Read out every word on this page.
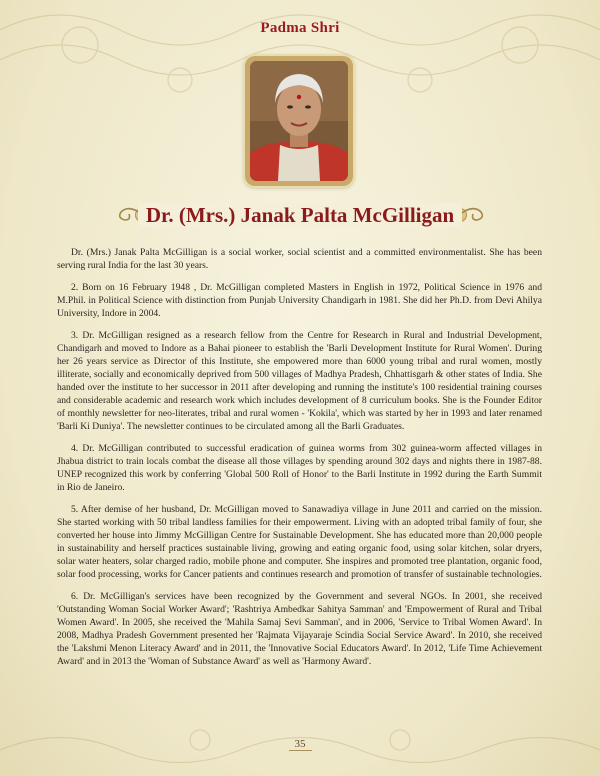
Padma Shri
Dr. (Mrs.) Janak Palta McGilligan

Dr. (Mrs.) Janak Palta McGilligan is a social worker, social scientist and a committed environmentalist. She has been serving rural India for the last 30 years.

2. Born on 16 February 1948 , Dr. McGilligan completed Masters in English in 1972, Political Science in 1976 and M.Phil. in Political Science with distinction from Punjab University Chandigarh in 1981. She did her Ph.D. from Devi Ahilya University, Indore in 2004.

3. Dr. McGilligan resigned as a research fellow from the Centre for Research in Rural and Industrial Development, Chandigarh and moved to Indore as a Bahai pioneer to establish the 'Barli Development Institute for Rural Women'. During her 26 years service as Director of this Institute, she empowered more than 6000 young tribal and rural women, mostly illiterate, socially and economically deprived from 500 villages of Madhya Pradesh, Chhattisgarh & other states of India. She handed over the institute to her successor in 2011 after developing and running the institute's 100 residential training courses and considerable academic and research work which includes development of 8 curriculum books. She is the Founder Editor of monthly newsletter for neo-literates, tribal and rural women - 'Kokila', which was started by her in 1993 and later renamed 'Barli Ki Duniya'. The newsletter continues to be circulated among all the Barli Graduates.

4. Dr. McGilligan contributed to successful eradication of guinea worms from 302 guinea-worm affected villages in Jhabua district to train locals combat the disease all those villages by spending around 302 days and nights there in 1987-88. UNEP recognized this work by conferring 'Global 500 Roll of Honor' to the Barli Institute in 1992 during the Earth Summit in Rio de Janeiro.

5. After demise of her husband, Dr. McGilligan moved to Sanawadiya village in June 2011 and carried on the mission. She started working with 50 tribal landless families for their empowerment. Living with an adopted tribal family of four, she converted her house into Jimmy McGilligan Centre for Sustainable Development. She has educated more than 20,000 people in sustainability and herself practices sustainable living, growing and eating organic food, using solar kitchen, solar dryers, solar water heaters, solar charged radio, mobile phone and computer. She inspires and promoted tree plantation, organic food, solar food processing, works for Cancer patients and continues research and promotion of transfer of sustainable technologies.

6. Dr. McGilligan's services have been recognized by the Government and several NGOs. In 2001, she received 'Outstanding Woman Social Worker Award'; 'Rashtriya Ambedkar Sahitya Samman' and 'Empowerment of Rural and Tribal Women Award'. In 2005, she received the 'Mahila Samaj Sevi Samman', and in 2006, 'Service to Tribal Women Award'. In 2008, Madhya Pradesh Government presented her 'Rajmata Vijayaraje Scindia Social Service Award'. In 2010, she received the 'Lakshmi Menon Literacy Award' and in 2011, the 'Innovative Social Educators Award'. In 2012, 'Life Time Achievement Award' and in 2013 the 'Woman of Substance Award' as well as 'Harmony Award'.

35
